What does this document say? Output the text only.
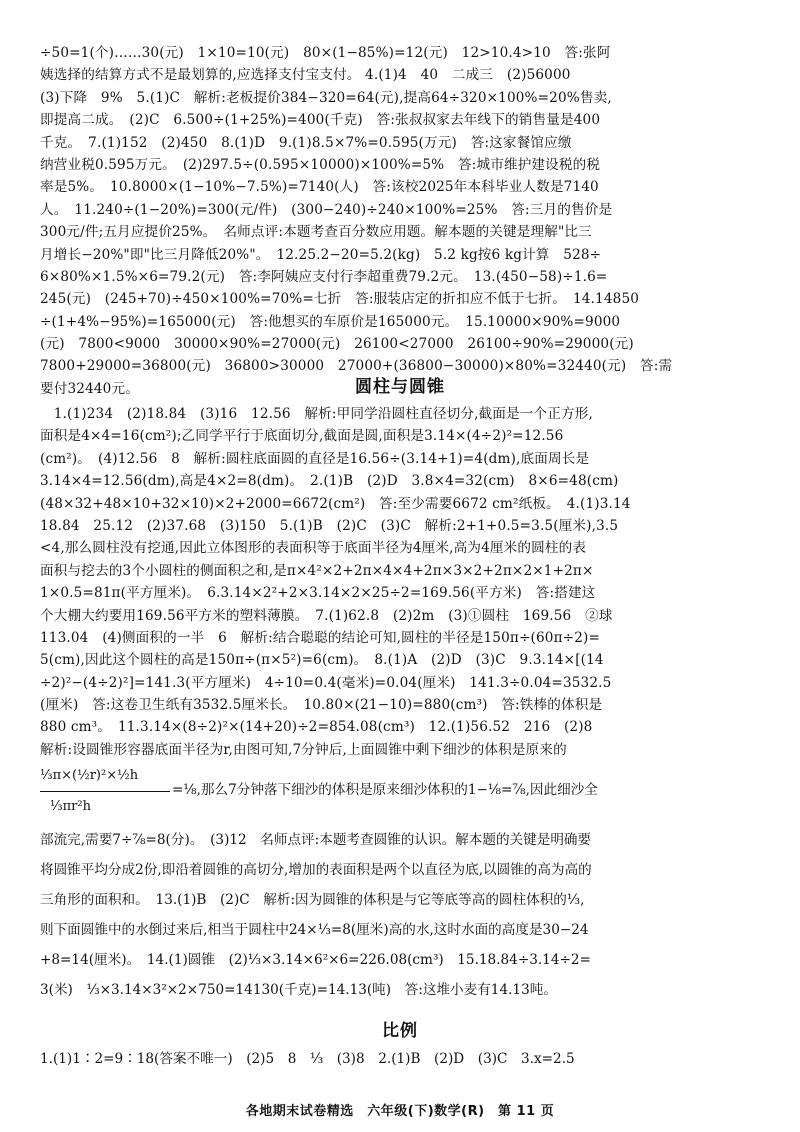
÷50=1(个)……30(元)　1×10=10(元)　80×(1−85%)=12(元)　12>10.4>10　答:张阿
姨选择的结算方式不是最划算的,应选择支付宝支付。 4.(1)4　40　二成三　(2)56000
(3)下降　9%　5.(1)C　解析:老板提价384−320=64(元),提高64÷320×100%=20%售卖,
即提高二成。　(2)C　6.500÷(1+25%)=400(千克)　答:张叔叔家去年线下的销售量是400
千克。　7.(1)152　(2)450　8.(1)D　9.(1)8.5×7%=0.595(万元)　答:这家餐馆应缴
纳营业税0.595万元。　(2)297.5÷(0.595×10000)×100%=5%　答:城市维护建设税的税
率是5%。　10.8000×(1−10%−7.5%)=7140(人)　答:该校2025年本科毕业人数是7140
人。　11.240÷(1−20%)=300(元/件)　(300−240)÷240×100%=25%　答:三月的售价是
300元/件;五月应提价25%。　名师点评:本题考查百分数应用题。解本题的关键是理解"比三
月增长−20%"即"比三月降低20%"。　12.25.2−20=5.2(kg)　5.2 kg按6 kg计算　528÷
6×80%×1.5%×6=79.2(元)　答:李阿姨应支付行李超重费79.2元。　13.(450−58)÷1.6=
245(元)　(245+70)÷450×100%=70%=七折　答:服装店定的折扣应不低于七折。　14.14850
÷(1+4%−95%)=165000(元)　答:他想买的车原价是165000元。　15.10000×90%=9000
(元)　7800<9000　30000×90%=27000(元)　26100<27000　26100÷90%=29000(元)
7800+29000=36800(元)　36800>30000　27000+(36800−30000)×80%=32440(元)　答:需
要付32440元。	圆柱与圆锥
　1.(1)234　(2)18.84　(3)16　12.56　解析:甲同学沿圆柱直径切分,截面是一个正方形,
面积是4×4=16(cm²);乙同学平行于底面切分,截面是圆,面积是3.14×(4÷2)²=12.56
(cm²)。　(4)12.56　8　解析:圆柱底面圆的直径是16.56÷(3.14+1)=4(dm),底面周长是
3.14×4=12.56(dm),高是4×2=8(dm)。　2.(1)B　(2)D　3.8×4=32(cm)　8×6=48(cm)
(48×32+48×10+32×10)×2+2000=6672(cm²)　答:至少需要6672 cm²纸板。　4.(1)3.14
18.84　25.12　(2)37.68　(3)150　5.(1)B　(2)C　(3)C　解析:2+1+0.5=3.5(厘米),3.5
<4,那么圆柱没有挖通,因此立体图形的表面积等于底面半径为4厘米,高为4厘米的圆柱的表
面积与挖去的3个小圆柱的侧面积之和,是π×4²×2+2π×4×4+2π×3×2+2π×2×1+2π×
1×0.5=81π(平方厘米)。　6.3.14×2²+2×3.14×2×25÷2=169.56(平方米)　答:搭建这
个大棚大约要用169.56平方米的塑料薄膜。　7.(1)62.8　(2)2m　(3)①圆柱　169.56　②球
113.04　(4)侧面积的一半　6　解析:结合聪聪的结论可知,圆柱的半径是150π÷(60π÷2)=
5(cm),因此这个圆柱的高是150π÷(π×5²)=6(cm)。　8.(1)A　(2)D　(3)C　9.3.14×[(14
÷2)²−(4÷2)²]=141.3(平方厘米)　4÷10=0.4(毫米)=0.04(厘米)　141.3÷0.04=3532.5
(厘米)　答:这卷卫生纸有3532.5厘米长。　10.80×(21−10)=880(cm³)　答:铁棒的体积是
880 cm³。　11.3.14×(8÷2)²×(14+20)÷2=854.08(cm³)　12.(1)56.52　216　(2)8
解析:设圆锥形容器底面半径为r,由图可知,7分钟后,上面圆锥中剩下细沙的体积是原来的
$\frac{\text{⅓π×(½r)²×½h}}{\text{⅓πr²h}}$ =⅛,那么7分钟落下细沙的体积是原来细沙体积的1−⅛=⅞,因此细沙全
部流完,需要7÷⅞=8(分)。　(3)12　名师点评:本题考查圆锥的认识。解本题的关键是明确要
将圆锥平均分成2份,即沿着圆锥的高切分,增加的表面积是两个以直径为底,以圆锥的高为高的
三角形的面积和。　13.(1)B　(2)C　解析:因为圆锥的体积是与它等底等高的圆柱体积的⅓,
则下面圆锥中的水倒过来后,相当于圆柱中24×⅓=8(厘米)高的水,这时水面的高度是30−24
+8=14(厘米)。　14.(1)圆锥　(2)⅓×3.14×6²×6=226.08(cm³)　15.18.84÷3.14÷2=
3(米)　⅓×3.14×3²×2×750=14130(千克)=14.13(吨)　答:这堆小麦有14.13吨。
比例
1.(1)1∶2=9∶18(答案不唯一)　(2)5　8　⅓　(3)8　2.(1)B　(2)D　(3)C　3.x=2.5
各地期末试卷精选　六年级(下)数学(R)　第 11 页
